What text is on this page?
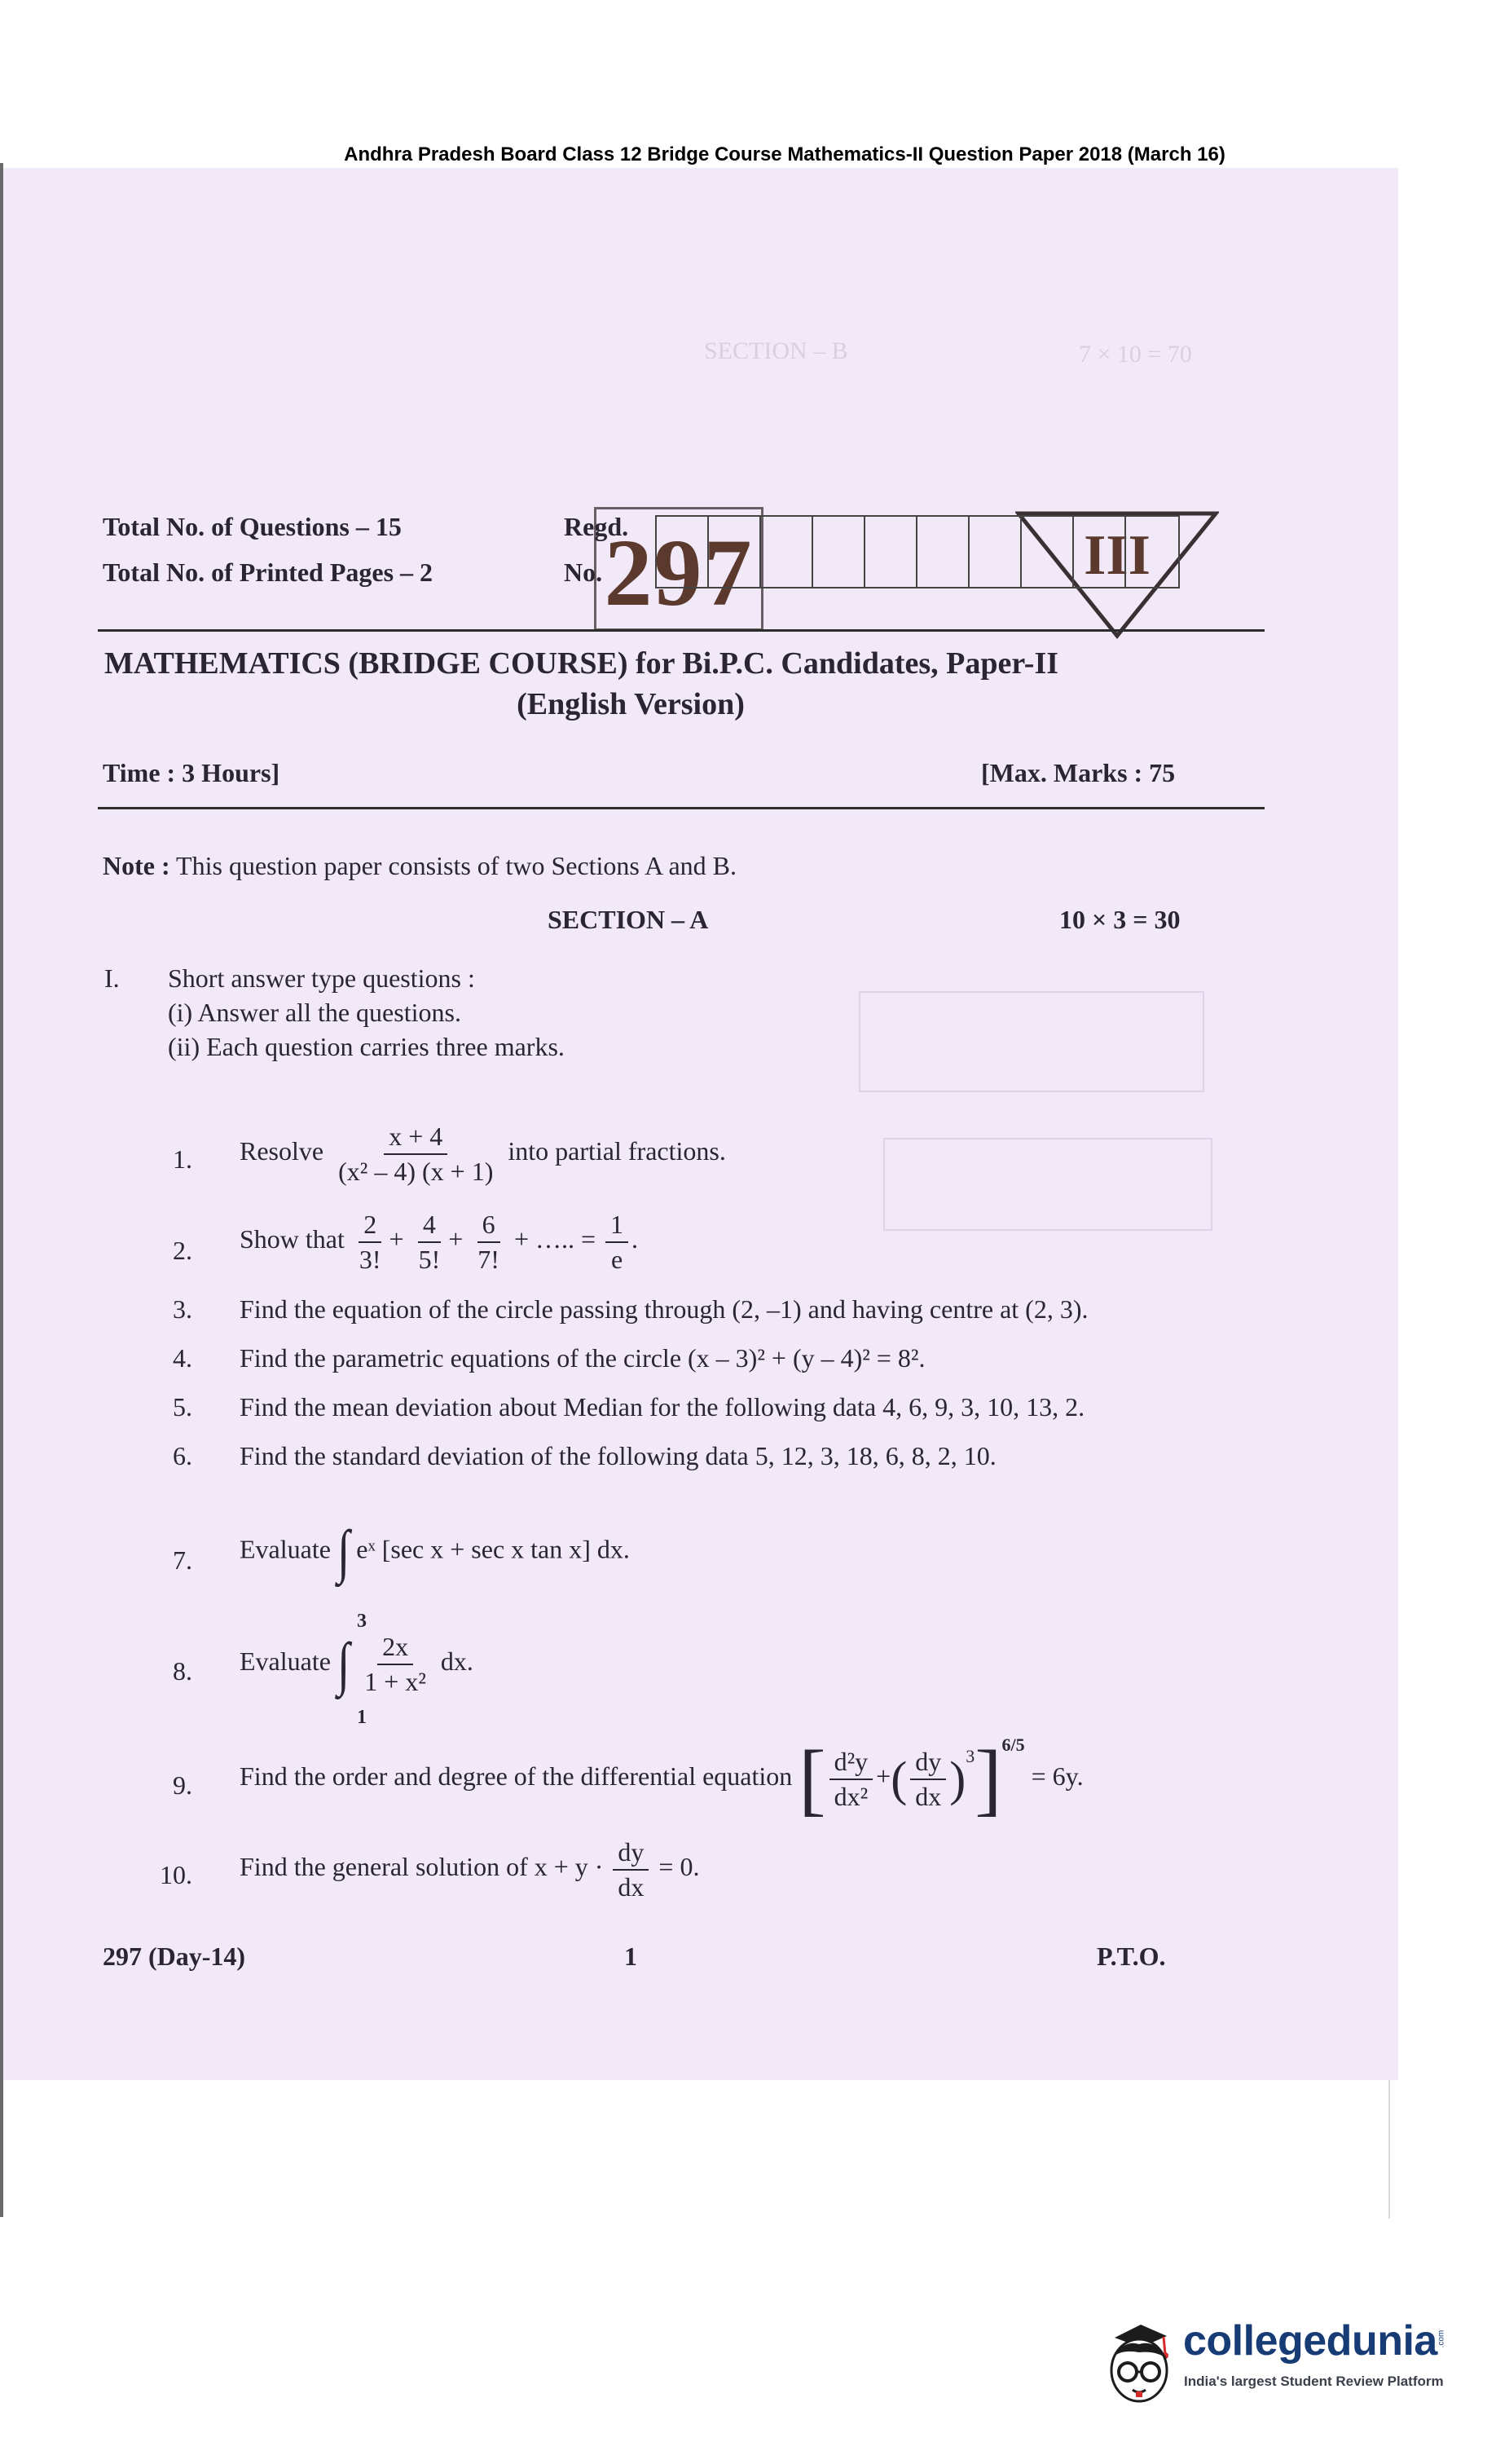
Andhra Pradesh Board Class 12 Bridge Course Mathematics-II Question Paper 2018 (March 16)
SECTION – B	7 × 10 = 70
297	III
Total No. of Questions – 15
Total No. of Printed Pages – 2
Regd.
No.
MATHEMATICS (BRIDGE COURSE) for Bi.P.C. Candidates, Paper-II
(English Version)
Time : 3 Hours]	[Max. Marks : 75
Note : This question paper consists of two Sections A and B.
SECTION – A	10 × 3 = 30
I. Short answer type questions :
(i) Answer all the questions.
(ii) Each question carries three marks.
1. Resolve $\frac{x + 4}{\text{(x² – 4) (x + 1)}}$ into partial fractions.
2. Show that $\frac{2}{3!} + \frac{4}{5!} + \frac{6}{7!}$ + ….. = $\frac{1}{e}$ .
3. Find the equation of the circle passing through (2, –1) and having centre at (2, 3).
4. Find the parametric equations of the circle (x – 3)² + (y – 4)² = 8².
5. Find the mean deviation about Median for the following data 4, 6, 9, 3, 10, 13, 2.
6. Find the standard deviation of the following data 5, 12, 3, 18, 6, 8, 2, 10.
7. Evaluate ∫ eˣ [sec x + sec x tan x] dx.
8.
3
1
Evaluate ∫ $\frac{2x}{\text{1 + x²}}$ dx.
9. Find the order and degree of the differential equation [ $\frac{\text{d²y}}{\text{dx²}}$ +( $\frac{dy}{dx} )^3]^{6/5} = 6y$.
10. Find the general solution of $x + y \cdot \frac{dy}{dx} = 0$.
297 (Day-14)	1	P.T.O.
collegedunia .com
India's largest Student Review Platform
